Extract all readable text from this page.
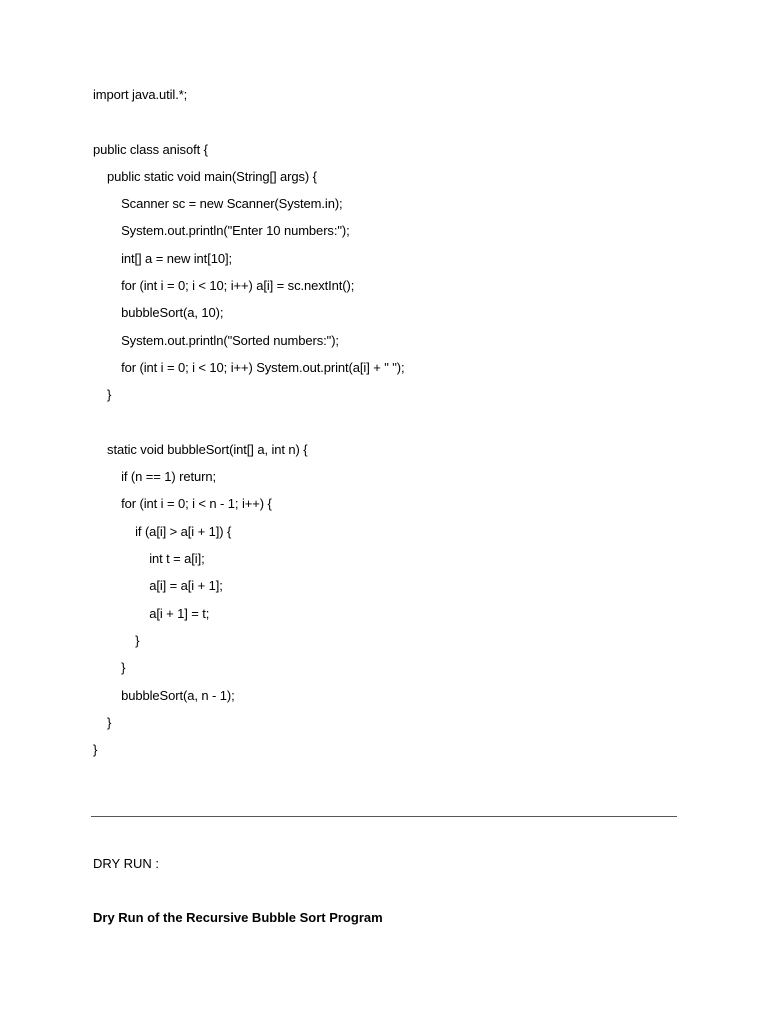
import java.util.*;
public class anisoft {
public static void main(String[] args) {
Scanner sc = new Scanner(System.in);
System.out.println("Enter 10 numbers:");
int[] a = new int[10];
for (int i = 0; i < 10; i++) a[i] = sc.nextInt();
bubbleSort(a, 10);
System.out.println("Sorted numbers:");
for (int i = 0; i < 10; i++) System.out.print(a[i] + " ");
}
static void bubbleSort(int[] a, int n) {
if (n == 1) return;
for (int i = 0; i < n - 1; i++) {
if (a[i] > a[i + 1]) {
int t = a[i];
a[i] = a[i + 1];
a[i + 1] = t;
}
}
bubbleSort(a, n - 1);
}
}
DRY RUN :
Dry Run of the Recursive Bubble Sort Program
